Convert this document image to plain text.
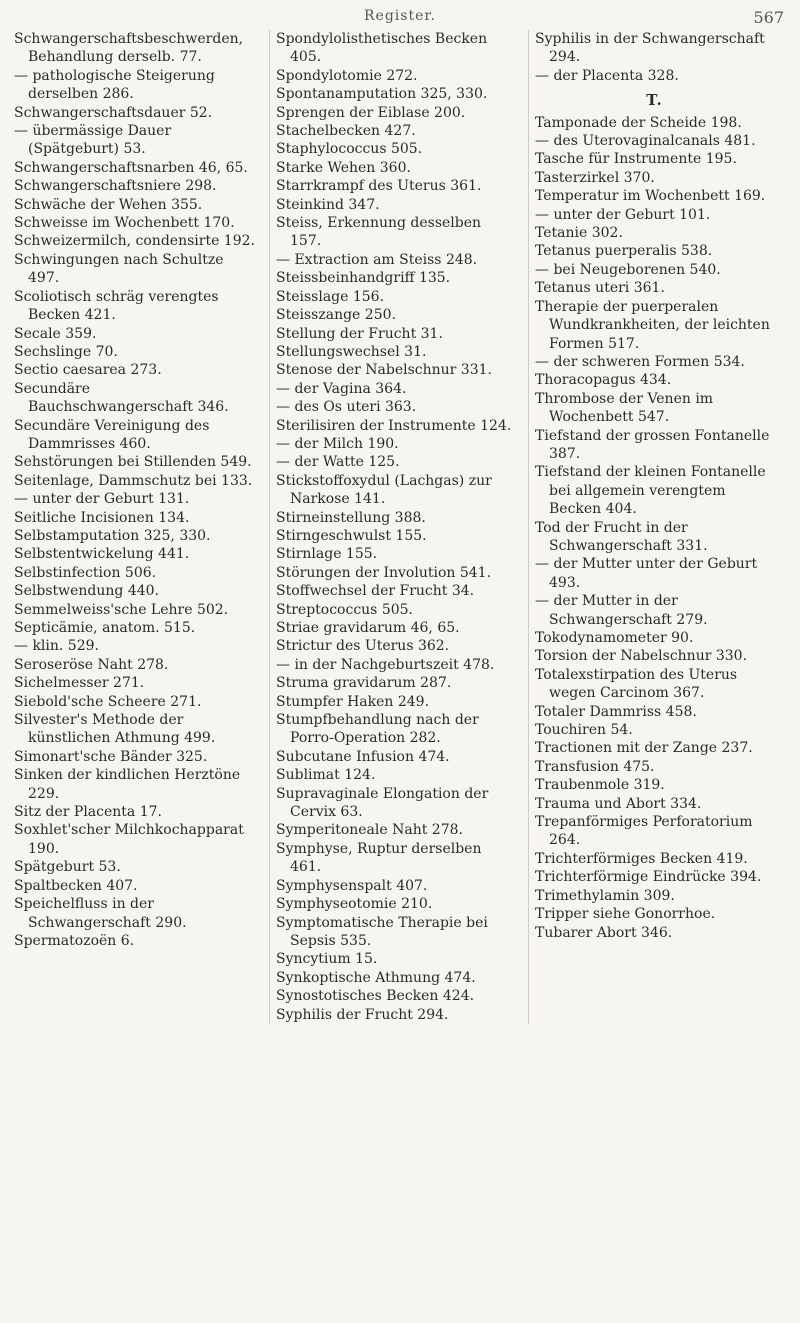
Register.	567

Schwangerschaftsbeschwerden, Behandlung derselb. 77.

— pathologische Steigerung derselben 286.

Schwangerschaftsdauer 52.

— übermässige Dauer (Spätgeburt) 53.

Schwangerschaftsnarben 46, 65.

Schwangerschaftsniere 298.

Schwäche der Wehen 355.

Schweisse im Wochenbett 170.

Schweizermilch, condensirte 192.

Schwingungen nach Schultze 497.

Scoliotisch schräg verengtes Becken 421.

Secale 359.

Sechslinge 70.

Sectio caesarea 273.

Secundäre Bauchschwangerschaft 346.

Secundäre Vereinigung des Dammrisses 460.

Sehstörungen bei Stillenden 549.

Seitenlage, Dammschutz bei 133.

— unter der Geburt 131.

Seitliche Incisionen 134.

Selbstamputation 325, 330.

Selbstentwickelung 441.

Selbstinfection 506.

Selbstwendung 440.

Semmelweiss'sche Lehre 502.

Septicämie, anatom. 515.

— klin. 529.

Seroseröse Naht 278.

Sichelmesser 271.

Siebold'sche Scheere 271.

Silvester's Methode der künstlichen Athmung 499.

Simonart'sche Bänder 325.

Sinken der kindlichen Herztöne 229.

Sitz der Placenta 17.

Soxhlet'scher Milchkochapparat 190.

Spätgeburt 53.

Spaltbecken 407.

Speichelfluss in der Schwangerschaft 290.

Spermatozoën 6.

Spondylolisthetisches Becken 405.

Spondylotomie 272.

Spontanamputation 325, 330.

Sprengen der Eiblase 200.

Stachelbecken 427.

Staphylococcus 505.

Starke Wehen 360.

Starrkrampf des Uterus 361.

Steinkind 347.

Steiss, Erkennung desselben 157.

— Extraction am Steiss 248.

Steissbeinhandgriff 135.

Steisslage 156.

Steisszange 250.

Stellung der Frucht 31.

Stellungswechsel 31.

Stenose der Nabelschnur 331.

— der Vagina 364.

— des Os uteri 363.

Sterilisiren der Instrumente 124.

— der Milch 190.

— der Watte 125.

Stickstoffoxydul (Lachgas) zur Narkose 141.

Stirneinstellung 388.

Stirngeschwulst 155.

Stirnlage 155.

Störungen der Involution 541.

Stoffwechsel der Frucht 34.

Streptococcus 505.

Striae gravidarum 46, 65.

Strictur des Uterus 362.

— in der Nachgeburtszeit 478.

Struma gravidarum 287.

Stumpfer Haken 249.

Stumpfbehandlung nach der Porro-Operation 282.

Subcutane Infusion 474.

Sublimat 124.

Supravaginale Elongation der Cervix 63.

Symperitoneale Naht 278.

Symphyse, Ruptur derselben 461.

Symphysenspalt 407.

Symphyseotomie 210.

Symptomatische Therapie bei Sepsis 535.

Syncytium 15.

Synkoptische Athmung 474.

Synostotisches Becken 424.

Syphilis der Frucht 294.

Syphilis in der Schwangerschaft 294.

— der Placenta 328.

T.

Tamponade der Scheide 198.

— des Uterovaginalcanals 481.

Tasche für Instrumente 195.

Tasterzirkel 370.

Temperatur im Wochenbett 169.

— unter der Geburt 101.

Tetanie 302.

Tetanus puerperalis 538.

— bei Neugeborenen 540.

Tetanus uteri 361.

Therapie der puerperalen Wundkrankheiten, der leichten Formen 517.

— der schweren Formen 534.

Thoracopagus 434.

Thrombose der Venen im Wochenbett 547.

Tiefstand der grossen Fontanelle 387.

Tiefstand der kleinen Fontanelle bei allgemein verengtem Becken 404.

Tod der Frucht in der Schwangerschaft 331.

— der Mutter unter der Geburt 493.

— der Mutter in der Schwangerschaft 279.

Tokodynamometer 90.

Torsion der Nabelschnur 330.

Totalexstirpation des Uterus wegen Carcinom 367.

Totaler Dammriss 458.

Touchiren 54.

Tractionen mit der Zange 237.

Transfusion 475.

Traubenmole 319.

Trauma und Abort 334.

Trepanförmiges Perforatorium 264.

Trichterförmiges Becken 419.

Trichterförmige Eindrücke 394.

Trimethylamin 309.

Tripper siehe Gonorrhoe.

Tubarer Abort 346.
